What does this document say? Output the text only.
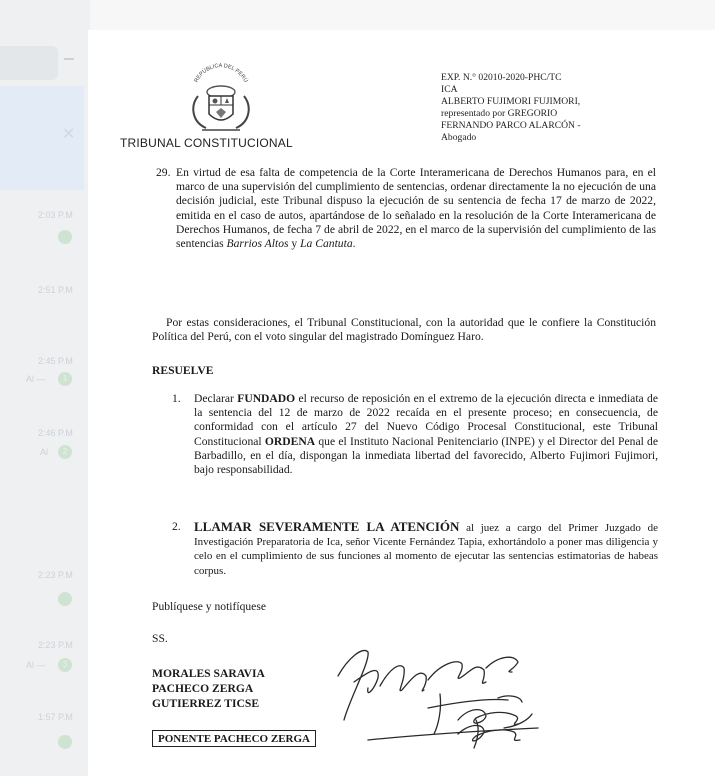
✕
2:03 P.M
2:51 P.M
2:45 P.M
Al —	1
2:46 P.M
Al	2
2:23 P.M
2:23 P.M
Al —	3
1:57 P.M
REPÚBLICA DEL PERÚ
TRIBUNAL CONSTITUCIONAL
EXP. N.° 02010-2020-PHC/TC
ICA
ALBERTO FUJIMORI FUJIMORI,
representado por GREGORIO
FERNANDO PARCO ALARCÓN -
Abogado
29. En virtud de esa falta de competencia de la Corte Interamericana de Derechos Humanos para, en el marco de una supervisión del cumplimiento de sentencias, ordenar directamente la no ejecución de una decisión judicial, este Tribunal dispuso la ejecución de su sentencia de fecha 17 de marzo de 2022, emitida en el caso de autos, apartándose de lo señalado en la resolución de la Corte Interamericana de Derechos Humanos, de fecha 7 de abril de 2022, en el marco de la supervisión del cumplimiento de las sentencias Barrios Altos y La Cantuta.
Por estas consideraciones, el Tribunal Constitucional, con la autoridad que le confiere la Constitución Política del Perú, con el voto singular del magistrado Domínguez Haro.
RESUELVE
1. Declarar FUNDADO el recurso de reposición en el extremo de la ejecución directa e inmediata de la sentencia del 12 de marzo de 2022 recaída en el presente proceso; en consecuencia, de conformidad con el artículo 27 del Nuevo Código Procesal Constitucional, este Tribunal Constitucional ORDENA que el Instituto Nacional Penitenciario (INPE) y el Director del Penal de Barbadillo, en el día, dispongan la inmediata libertad del favorecido, Alberto Fujimori Fujimori, bajo responsabilidad.
2. LLAMAR SEVERAMENTE LA ATENCIÓN al juez a cargo del Primer Juzgado de Investigación Preparatoria de Ica, señor Vicente Fernández Tapia, exhortándolo a poner mas diligencia y celo en el cumplimiento de sus funciones al momento de ejecutar las sentencias estimatorias de habeas corpus.
Publíquese y notifíquese
SS.
MORALES SARAVIA
PACHECO ZERGA
GUTIERREZ TICSE
PONENTE PACHECO ZERGA
